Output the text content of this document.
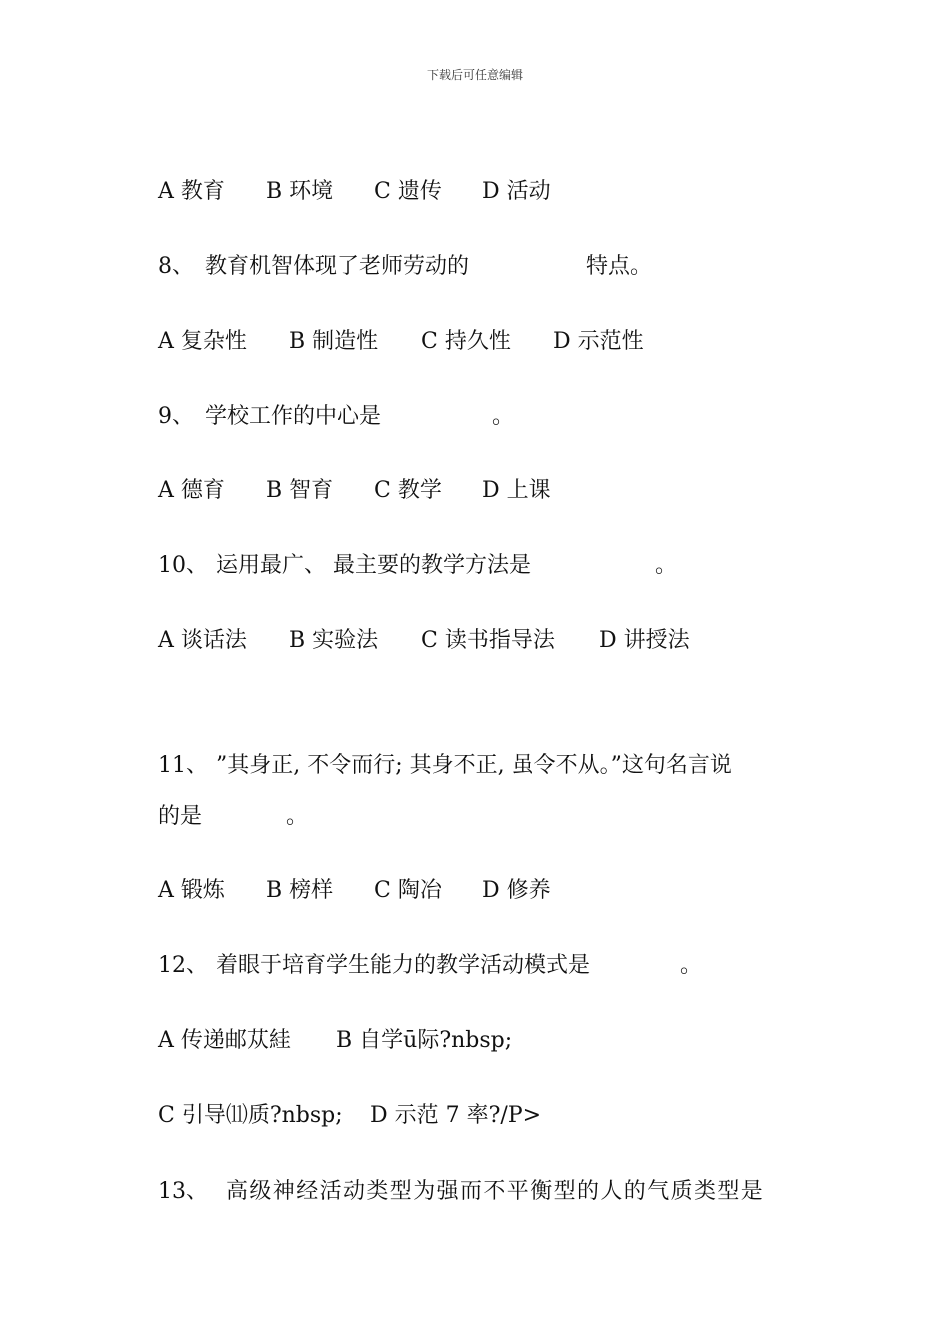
下载后可任意编辑

A 教育 B 环境 C 遗传 D 活动

8、 教育机智体现了老师劳动的	特点。

A 复杂性 B 制造性 C 持久性 D 示范性

9、 学校工作的中心是	。

A 德育 B 智育 C 教学 D 上课

10、 运用最广、 最主要的教学方法是	。

A 谈话法 B 实验法 C 读书指导法 D 讲授法

11、 ”其身正, 不令而行; 其身不正, 虽令不从。”这句名言说

的是	。

A 锻炼 B 榜样 C 陶冶 D 修养

12、 着眼于培育学生能力的教学活动模式是	。

A 传递邮苁絓 B 自学ū际?nbsp;

C 引导⑾质?nbsp; D 示范 7 率?/P>

13、 高级神经活动类型为强而不平衡型的人的气质类型是
